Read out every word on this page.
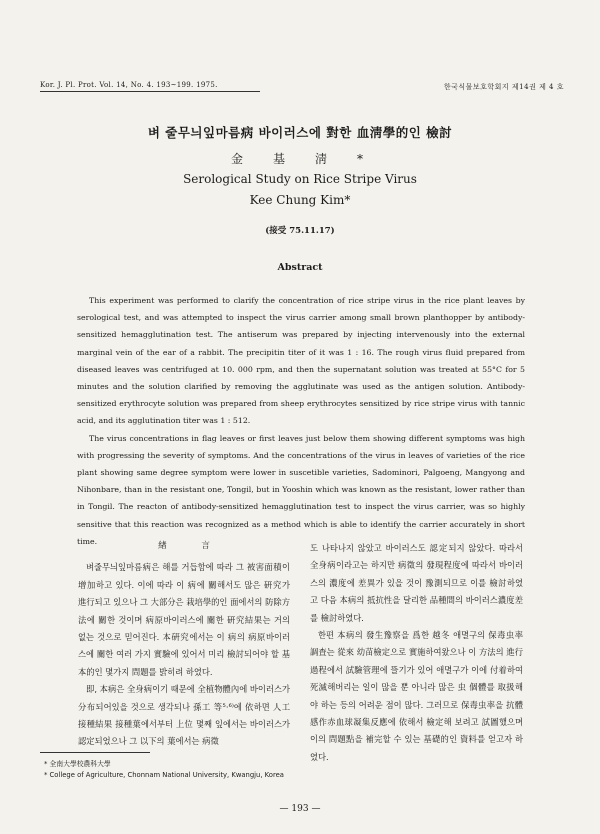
Kor. J. Pl. Prot. Vol. 14, No. 4. 193~199. 1975.	한국식물보호학회지 제14권 제 4 호
벼 줄무늬잎마름病 바이러스에 對한 血淸學的인 檢討
金基淸*
Serological Study on Rice Stripe Virus
Kee Chung Kim*
(接受 75.11.17)
Abstract

This experiment was performed to clarify the concentration of rice stripe virus in the rice plant leaves by serological test, and was attempted to inspect the virus carrier among small brown planthopper by antibody-sensitized hemagglutination test. The antiserum was prepared by injecting intervenously into the external marginal vein of the ear of a rabbit. The precipitin titer of it was 1 : 16. The rough virus fluid prepared from diseased leaves was centrifuged at 10. 000 rpm, and then the supernatant solution was treated at 55°C for 5 minutes and the solution clarified by removing the agglutinate was used as the antigen solution. Antibody-sensitized erythrocyte solution was prepared from sheep erythrocytes sensitized by rice stripe virus with tannic acid, and its agglutination titer was 1 : 512.

The virus concentrations in flag leaves or first leaves just below them showing different symptoms was high with progressing the severity of symptoms. And the concentrations of the virus in leaves of varieties of the rice plant showing same degree symptom were lower in suscetible varieties, Sadominori, Palgoeng, Mangyong and Nihonbare, than in the resistant one, Tongil, but in Yooshin which was known as the resistant, lower rather than in Tongil. The reacton of antibody-sensitized hemagglutination test to inspect the virus carrier, was so highly sensitive that this reaction was recognized as a method which is able to identify the carrier accurately in short time.	緖 言

벼줄무늬잎마름病은 해를 거듭함에 따라 그 被害面積이 增加하고 있다. 이에 따라 이 病에 關해서도 많은 硏究가 進行되고 있으나 그 大部分은 栽培學的인 面에서의 防除方法에 關한 것이며 病原바이러스에 關한 硏究結果는 거의 없는 것으로 믿어진다. 本硏究에서는 이 病의 病原바이러스에 關한 여러 가지 實驗에 있어서 미리 檢討되어야 할 基本的인 몇가지 問題를 밝히려 하였다.

即, 本病은 全身病이기 때문에 全植物體內에 바이러스가 分布되어있을 것으로 생각되나 孫工 等⁵·⁶⁾에 依하면 人工接種結果 接種葉에서부터 上位 몇째 잎에서는 바이러스가 認定되었으나 그 以下의 葉에서는 病徵

도 나타나지 않았고 바이러스도 認定되지 않았다. 따라서 全身病이라고는 하지만 病徵의 發現程度에 따라서 바이러스의 濃度에 差異가 있을 것이 豫測되므로 이를 檢討하였고 다음 本病의 抵抗性을 달리한 品種間의 바이러스濃度差를 檢討하였다.

한편 本病의 發生豫察을 爲한 越冬 애멸구의 保毒虫率 調査는 從來 幼苗檢定으로 實施하여왔으나 이 方法의 進行過程에서 試驗管理에 뜰기가 있어 애멸구가 이에 付着하여 死滅해버리는 일이 많을 뿐 아니라 많은 虫 個體를 取扱해야 하는 등의 어려운 점이 많다. 그러므로 保毒虫率을 抗體感作赤血球凝集反應에 依해서 檢定해 보려고 試圖했으며 이의 問題點을 補完할 수 있는 基礎的인 資料를 얻고자 하였다.

* 全南大學校農科大學
* College of Agriculture, Chonnam National University, Kwangju, Korea
— 193 —
